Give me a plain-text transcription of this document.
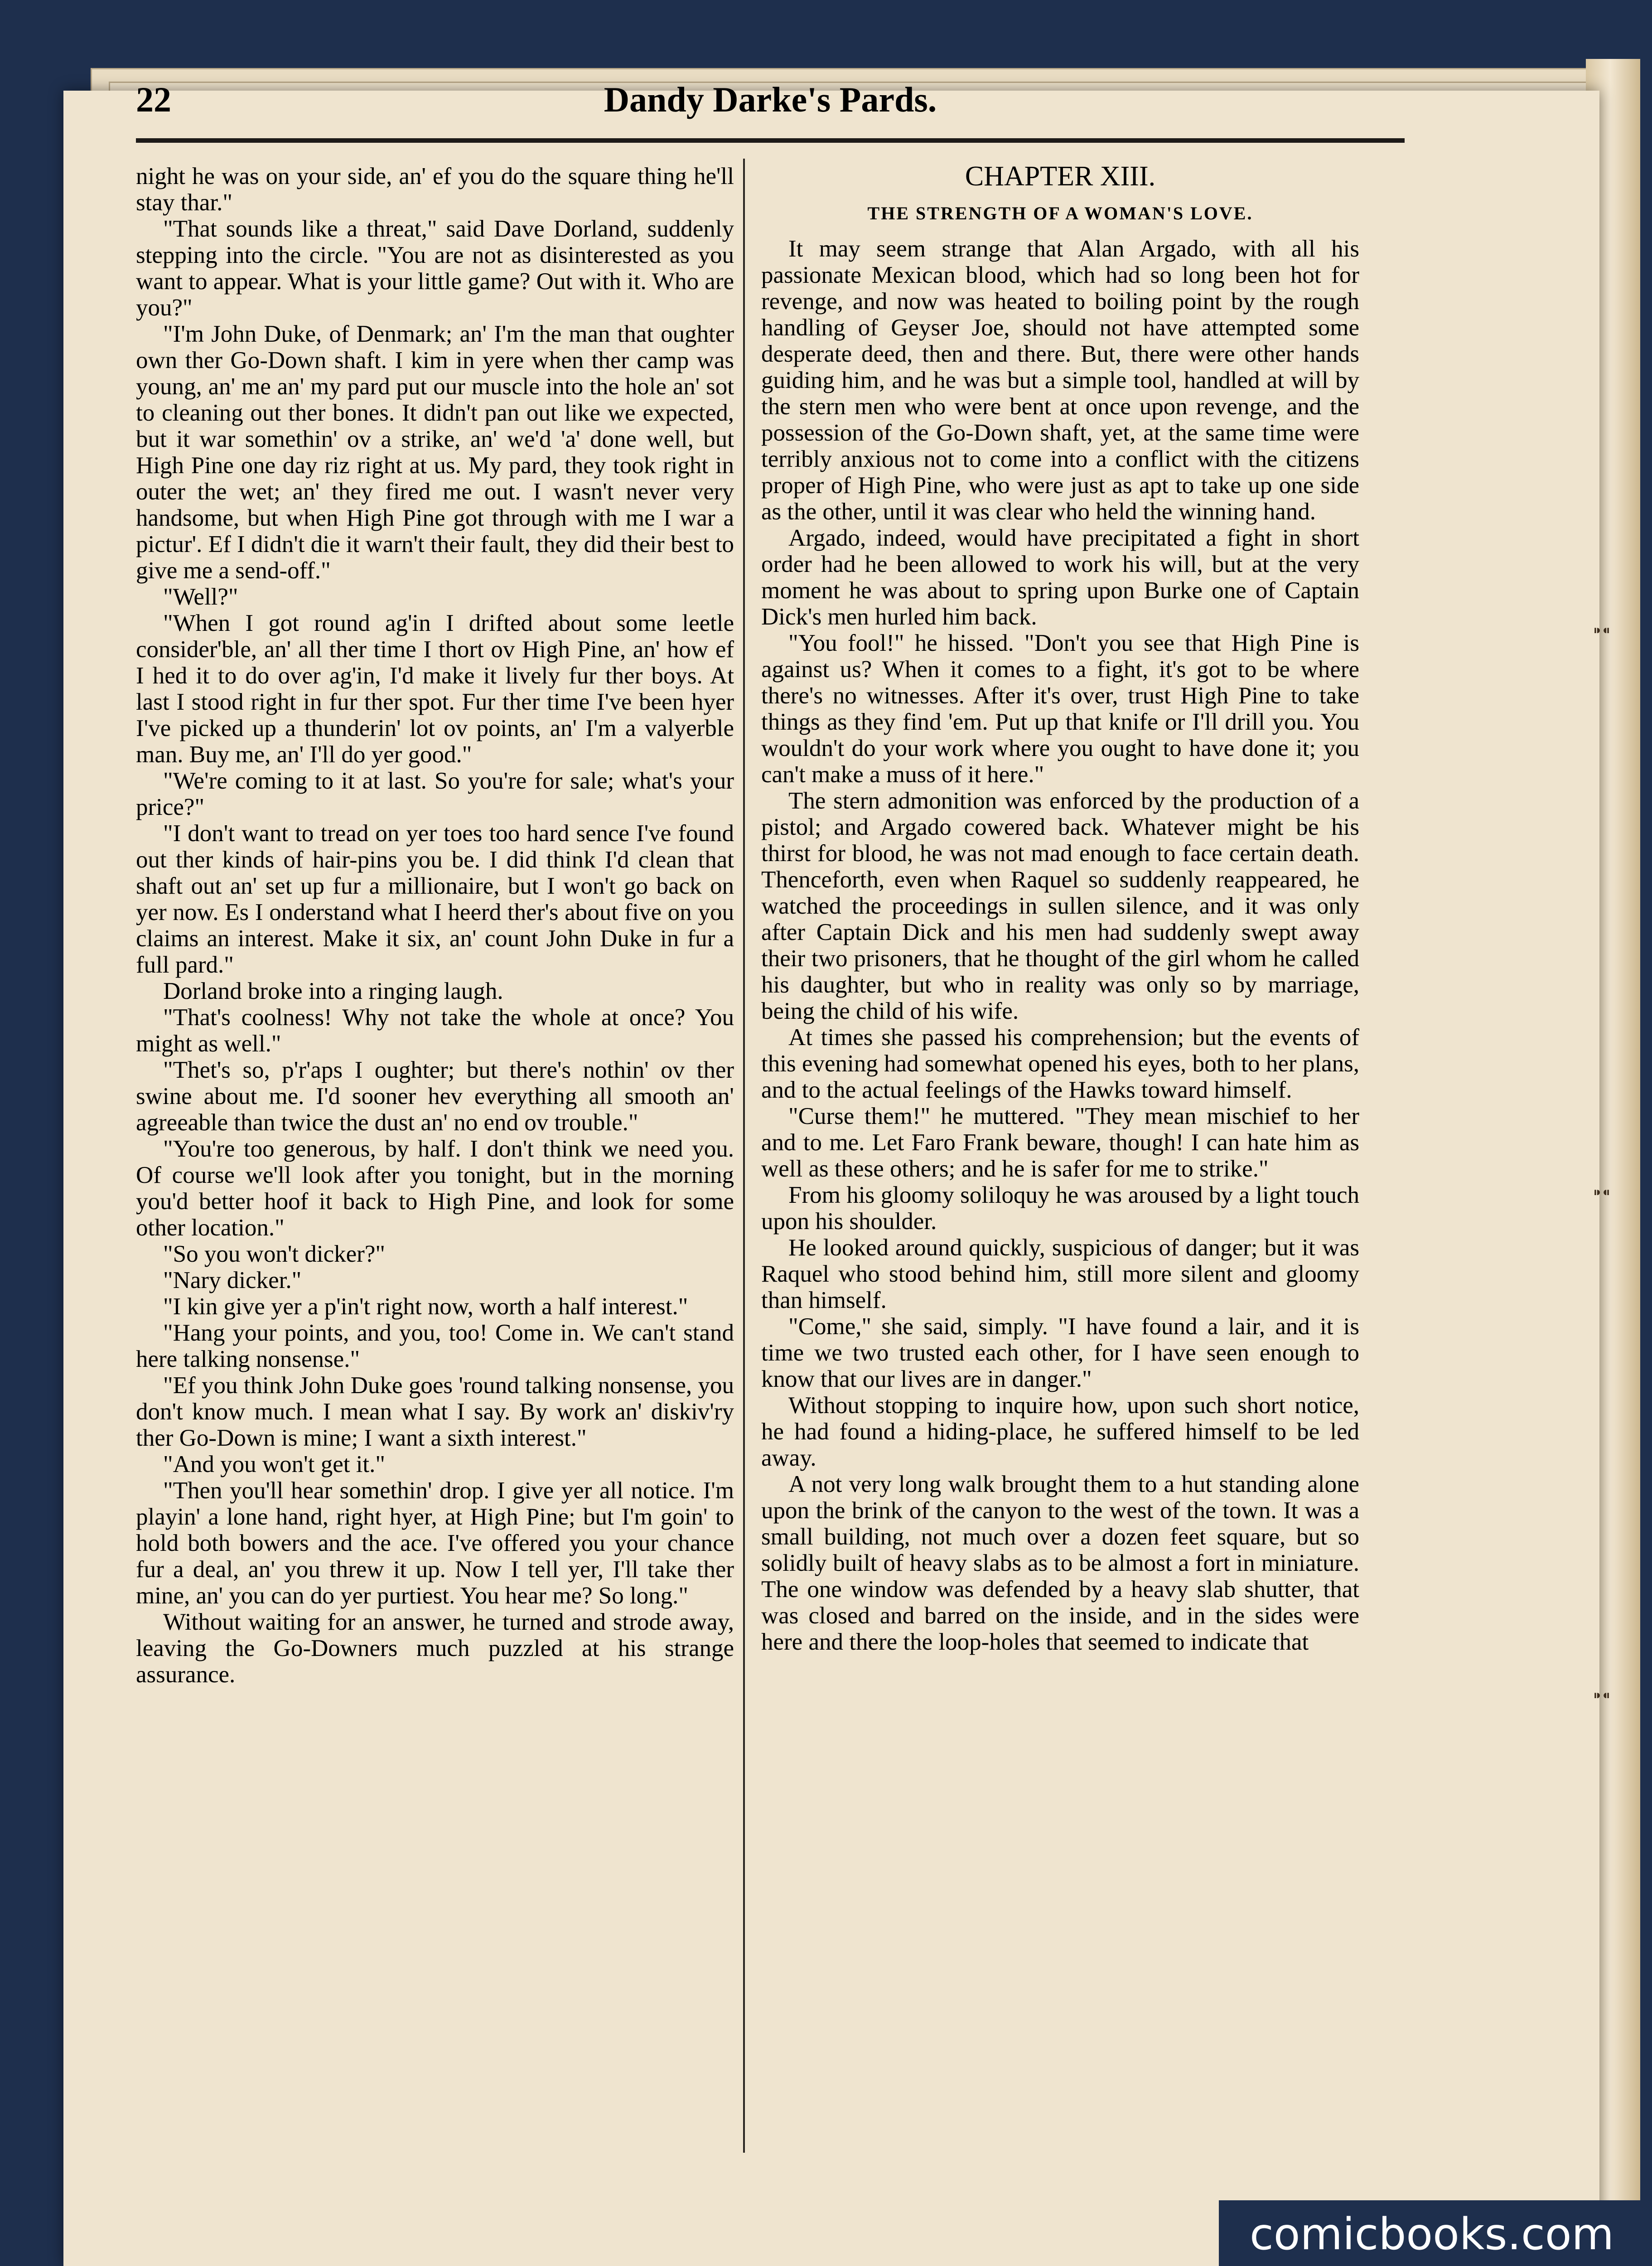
⁍⁌
⁍⁌
⁍⁌
22	Dandy Darke's Pards.

night he was on your side, an' ef you do the square thing he'll stay thar."

"That sounds like a threat," said Dave Dorland, suddenly stepping into the circle. "You are not as disinterested as you want to appear. What is your little game? Out with it. Who are you?"

"I'm John Duke, of Denmark; an' I'm the man that oughter own ther Go-Down shaft. I kim in yere when ther camp was young, an' me an' my pard put our muscle into the hole an' sot to cleaning out ther bones. It didn't pan out like we expected, but it war somethin' ov a strike, an' we'd 'a' done well, but High Pine one day riz right at us. My pard, they took right in outer the wet; an' they fired me out. I wasn't never very handsome, but when High Pine got through with me I war a pictur'. Ef I didn't die it warn't their fault, they did their best to give me a send-off."

"Well?"

"When I got round ag'in I drifted about some leetle consider'ble, an' all ther time I thort ov High Pine, an' how ef I hed it to do over ag'in, I'd make it lively fur ther boys. At last I stood right in fur ther spot. Fur ther time I've been hyer I've picked up a thunderin' lot ov points, an' I'm a valyerble man. Buy me, an' I'll do yer good."

"We're coming to it at last. So you're for sale; what's your price?"

"I don't want to tread on yer toes too hard sence I've found out ther kinds of hair-pins you be. I did think I'd clean that shaft out an' set up fur a millionaire, but I won't go back on yer now. Es I onderstand what I heerd ther's about five on you claims an interest. Make it six, an' count John Duke in fur a full pard."

Dorland broke into a ringing laugh.

"That's coolness! Why not take the whole at once? You might as well."

"Thet's so, p'r'aps I oughter; but there's nothin' ov ther swine about me. I'd sooner hev everything all smooth an' agreeable than twice the dust an' no end ov trouble."

"You're too generous, by half. I don't think we need you. Of course we'll look after you tonight, but in the morning you'd better hoof it back to High Pine, and look for some other location."

"So you won't dicker?"

"Nary dicker."

"I kin give yer a p'in't right now, worth a half interest."

"Hang your points, and you, too! Come in. We can't stand here talking nonsense."

"Ef you think John Duke goes 'round talking nonsense, you don't know much. I mean what I say. By work an' diskiv'ry ther Go-Down is mine; I want a sixth interest."

"And you won't get it."

"Then you'll hear somethin' drop. I give yer all notice. I'm playin' a lone hand, right hyer, at High Pine; but I'm goin' to hold both bowers and the ace. I've offered you your chance fur a deal, an' you threw it up. Now I tell yer, I'll take ther mine, an' you can do yer purtiest. You hear me? So long."

Without waiting for an answer, he turned and strode away, leaving the Go-Downers much puzzled at his strange assurance.

CHAPTER XIII.
THE STRENGTH OF A WOMAN'S LOVE.

It may seem strange that Alan Argado, with all his passionate Mexican blood, which had so long been hot for revenge, and now was heated to boiling point by the rough handling of Geyser Joe, should not have attempted some desperate deed, then and there. But, there were other hands guiding him, and he was but a simple tool, handled at will by the stern men who were bent at once upon revenge, and the possession of the Go-Down shaft, yet, at the same time were terribly anxious not to come into a conflict with the citizens proper of High Pine, who were just as apt to take up one side as the other, until it was clear who held the winning hand.

Argado, indeed, would have precipitated a fight in short order had he been allowed to work his will, but at the very moment he was about to spring upon Burke one of Captain Dick's men hurled him back.

"You fool!" he hissed. "Don't you see that High Pine is against us? When it comes to a fight, it's got to be where there's no witnesses. After it's over, trust High Pine to take things as they find 'em. Put up that knife or I'll drill you. You wouldn't do your work where you ought to have done it; you can't make a muss of it here."

The stern admonition was enforced by the production of a pistol; and Argado cowered back. Whatever might be his thirst for blood, he was not mad enough to face certain death. Thenceforth, even when Raquel so suddenly reappeared, he watched the proceedings in sullen silence, and it was only after Captain Dick and his men had suddenly swept away their two prisoners, that he thought of the girl whom he called his daughter, but who in reality was only so by marriage, being the child of his wife.

At times she passed his comprehension; but the events of this evening had somewhat opened his eyes, both to her plans, and to the actual feelings of the Hawks toward himself.

"Curse them!" he muttered. "They mean mischief to her and to me. Let Faro Frank beware, though! I can hate him as well as these others; and he is safer for me to strike."

From his gloomy soliloquy he was aroused by a light touch upon his shoulder.

He looked around quickly, suspicious of danger; but it was Raquel who stood behind him, still more silent and gloomy than himself.

"Come," she said, simply. "I have found a lair, and it is time we two trusted each other, for I have seen enough to know that our lives are in danger."

Without stopping to inquire how, upon such short notice, he had found a hiding-place, he suffered himself to be led away.

A not very long walk brought them to a hut standing alone upon the brink of the canyon to the west of the town. It was a small building, not much over a dozen feet square, but so solidly built of heavy slabs as to be almost a fort in miniature. The one window was defended by a heavy slab shutter, that was closed and barred on the inside, and in the sides were here and there the loop-holes that seemed to indicate that

comicbooks.com
